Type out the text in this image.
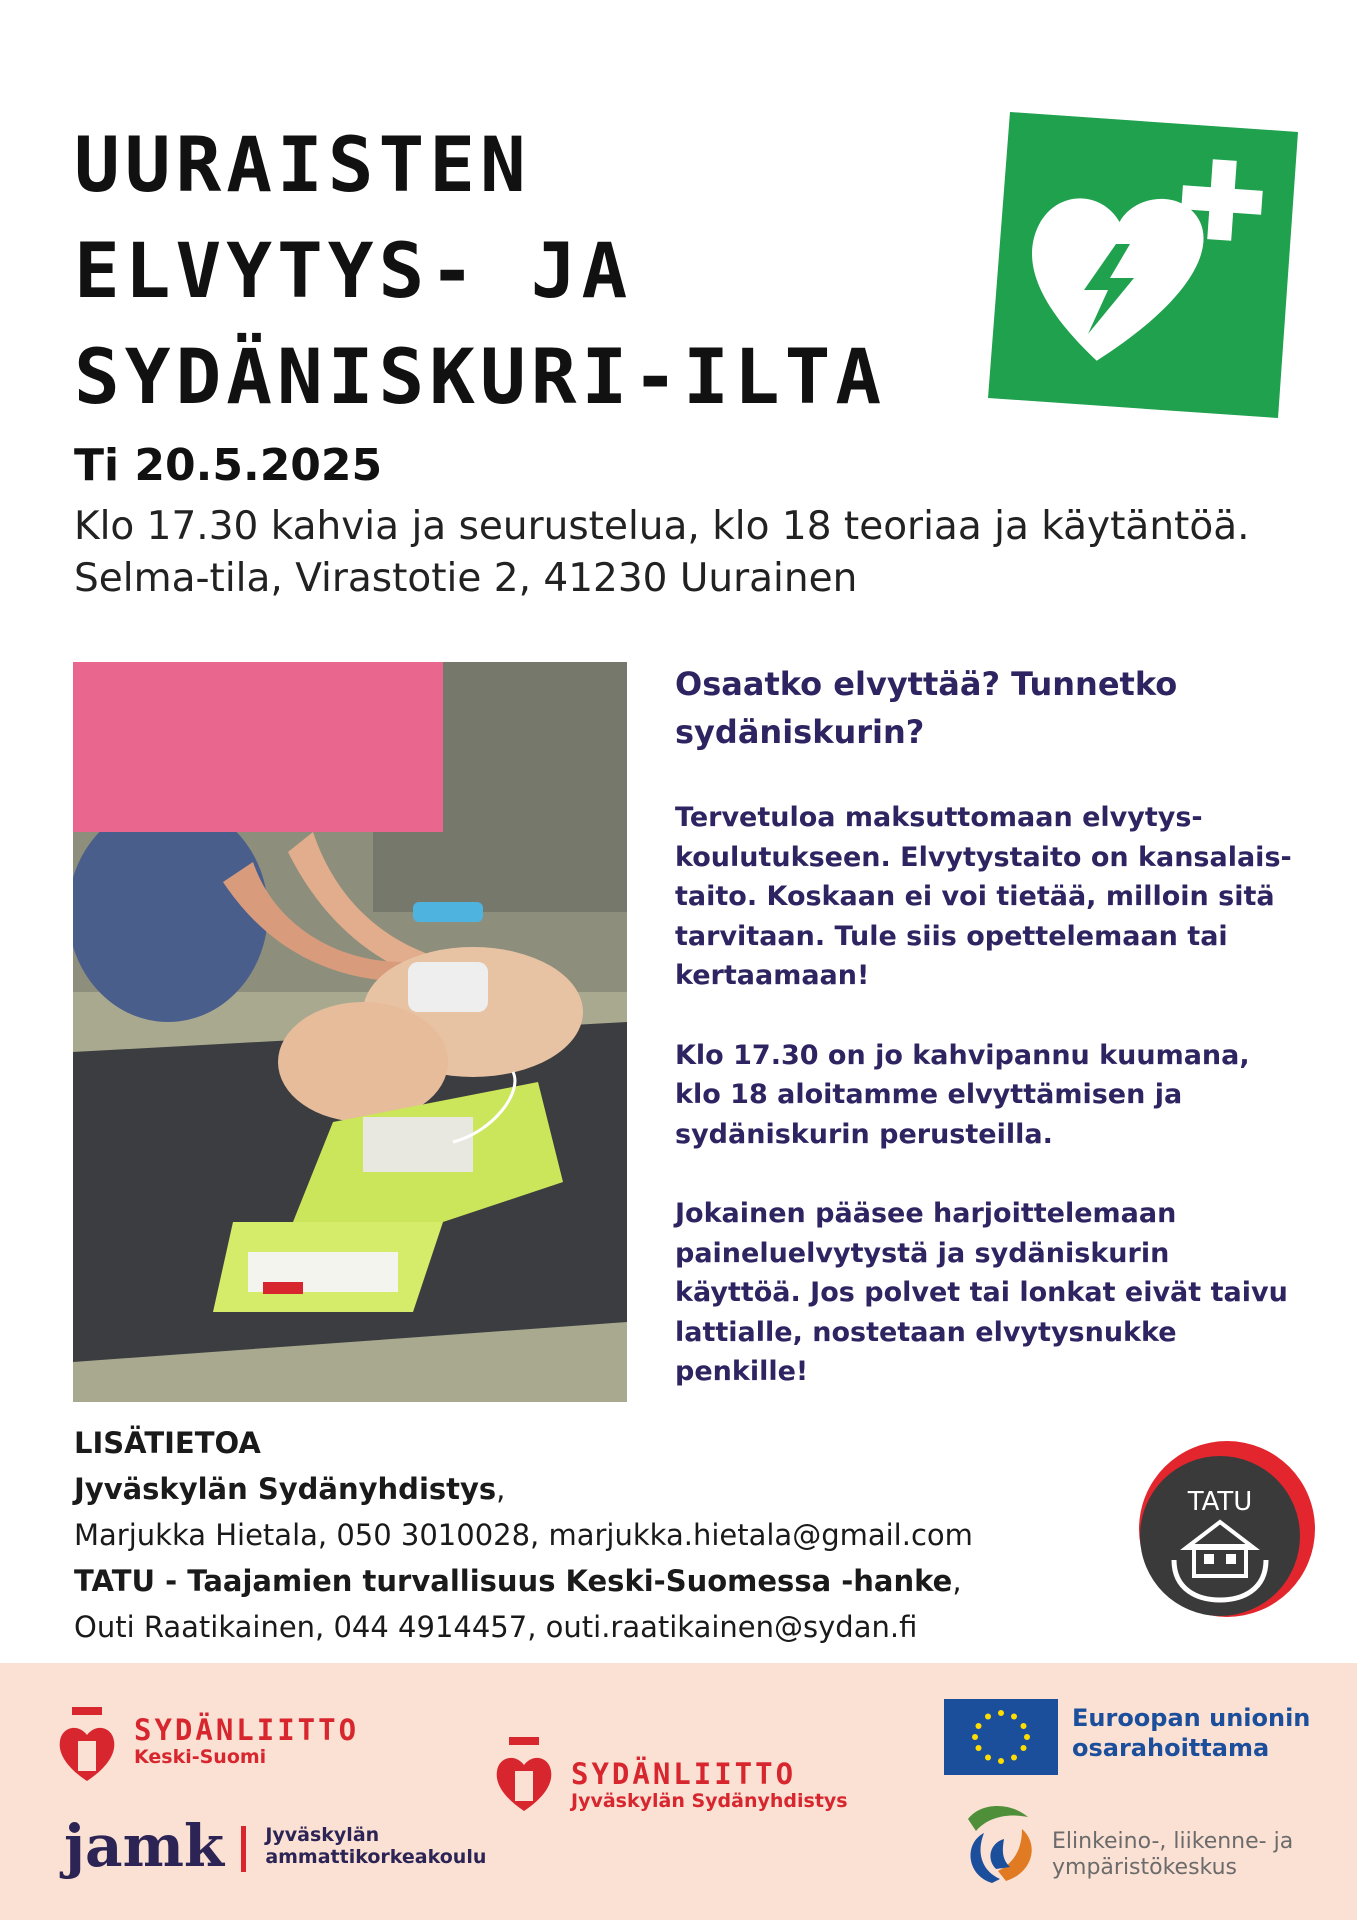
UURAISTEN
ELVYTYS- JA
SYDÄNISKURI-ILTA
Ti 20.5.2025
Klo 17.30 kahvia ja seurustelua, klo 18 teoriaa ja käytäntöä.
Selma-tila, Virastotie 2, 41230 Uurainen
Osaatko elvyttää? Tunnetko sydäniskurin?

Tervetuloa maksuttomaan elvytys-koulutukseen. Elvytystaito on kansalais-taito. Koskaan ei voi tietää, milloin sitä tarvitaan. Tule siis opettelemaan tai kertaamaan!

Klo 17.30 on jo kahvipannu kuumana, klo 18 aloitamme elvyttämisen ja sydäniskurin perusteilla.

Jokainen pääsee harjoittelemaan paineluelvytystä ja sydäniskurin käyttöä. Jos polvet tai lonkat eivät taivu lattialle, nostetaan elvytysnukke penkille!

LISÄTIETOA
Jyväskylän Sydänyhdistys,
Marjukka Hietala, 050 3010028, marjukka.hietala@gmail.com
TATU - Taajamien turvallisuus Keski-Suomessa -hanke,
Outi Raatikainen, 044 4914457, outi.raatikainen@sydan.fi
TATU
SYDÄNLIITTO
Keski-Suomi
jamk Jyväskylän
ammattikorkeakoulu
SYDÄNLIITTO
Jyväskylän Sydänyhdistys
Euroopan unionin
osarahoittama
Elinkeino-, liikenne- ja
ympäristökeskus
